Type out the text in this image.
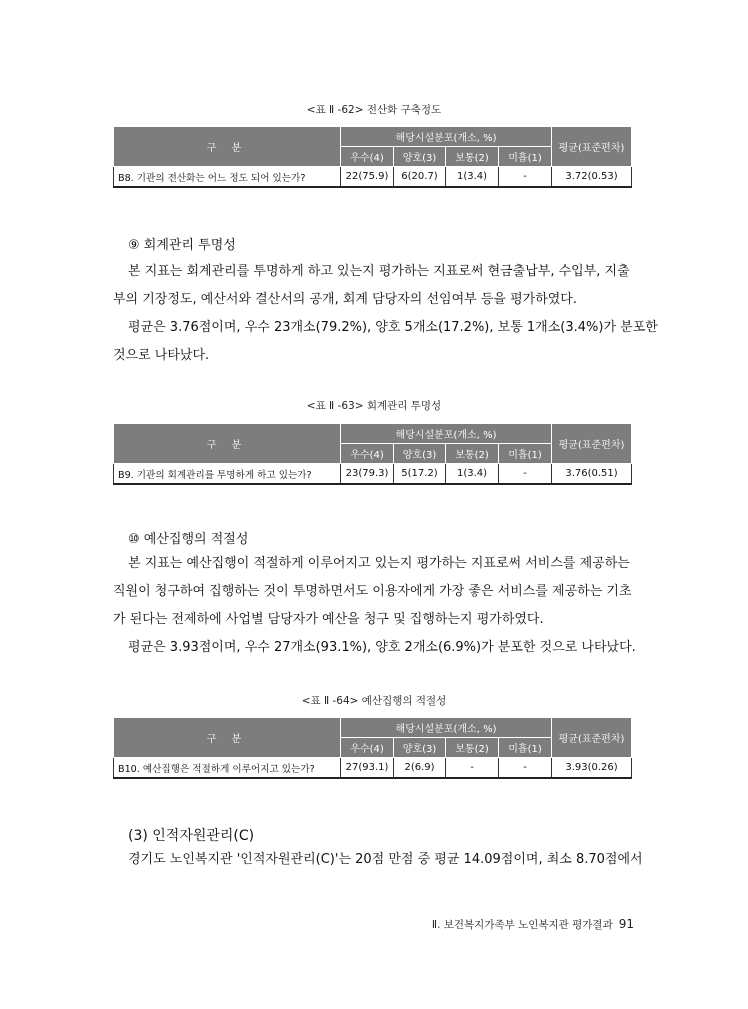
<표 Ⅱ -62> 전산화 구축정도
구 분	해당시설분포(개소, %)				평균(표준편차)
	우수(4)	양호(3)	보통(2)	미흡(1)	
B8. 기관의 전산화는 어느 정도 되어 있는가?	22(75.9)	6(20.7)	1(3.4)	-	3.72(0.53)
⑨ 회계관리 투명성

본 지표는 회계관리를 투명하게 하고 있는지 평가하는 지표로써 현금출납부, 수입부, 지출

부의 기장정도, 예산서와 결산서의 공개, 회계 담당자의 선임여부 등을 평가하였다.

평균은 3.76점이며, 우수 23개소(79.2%), 양호 5개소(17.2%), 보통 1개소(3.4%)가 분포한

것으로 나타났다.

<표 Ⅱ -63> 회계관리 투명성
구 분	해당시설분포(개소, %)				평균(표준편차)
	우수(4)	양호(3)	보통(2)	미흡(1)	
B9. 기관의 회계관리를 투명하게 하고 있는가?	23(79.3)	5(17.2)	1(3.4)	-	3.76(0.51)
⑩ 예산집행의 적절성

본 지표는 예산집행이 적절하게 이루어지고 있는지 평가하는 지표로써 서비스를 제공하는

직원이 청구하여 집행하는 것이 투명하면서도 이용자에게 가장 좋은 서비스를 제공하는 기초

가 된다는 전제하에 사업별 담당자가 예산을 청구 및 집행하는지 평가하였다.

평균은 3.93점이며, 우수 27개소(93.1%), 양호 2개소(6.9%)가 분포한 것으로 나타났다.

<표 Ⅱ -64> 예산집행의 적절성
구 분	해당시설분포(개소, %)				평균(표준편차)
	우수(4)	양호(3)	보통(2)	미흡(1)	
B10. 예산집행은 적절하게 이루어지고 있는가?	27(93.1)	2(6.9)	-	-	3.93(0.26)
(3) 인적자원관리(C)

경기도 노인복지관 '인적자원관리(C)'는 20점 만점 중 평균 14.09점이며, 최소 8.70점에서

Ⅱ. 보건복지가족부 노인복지관 평가결과 91
